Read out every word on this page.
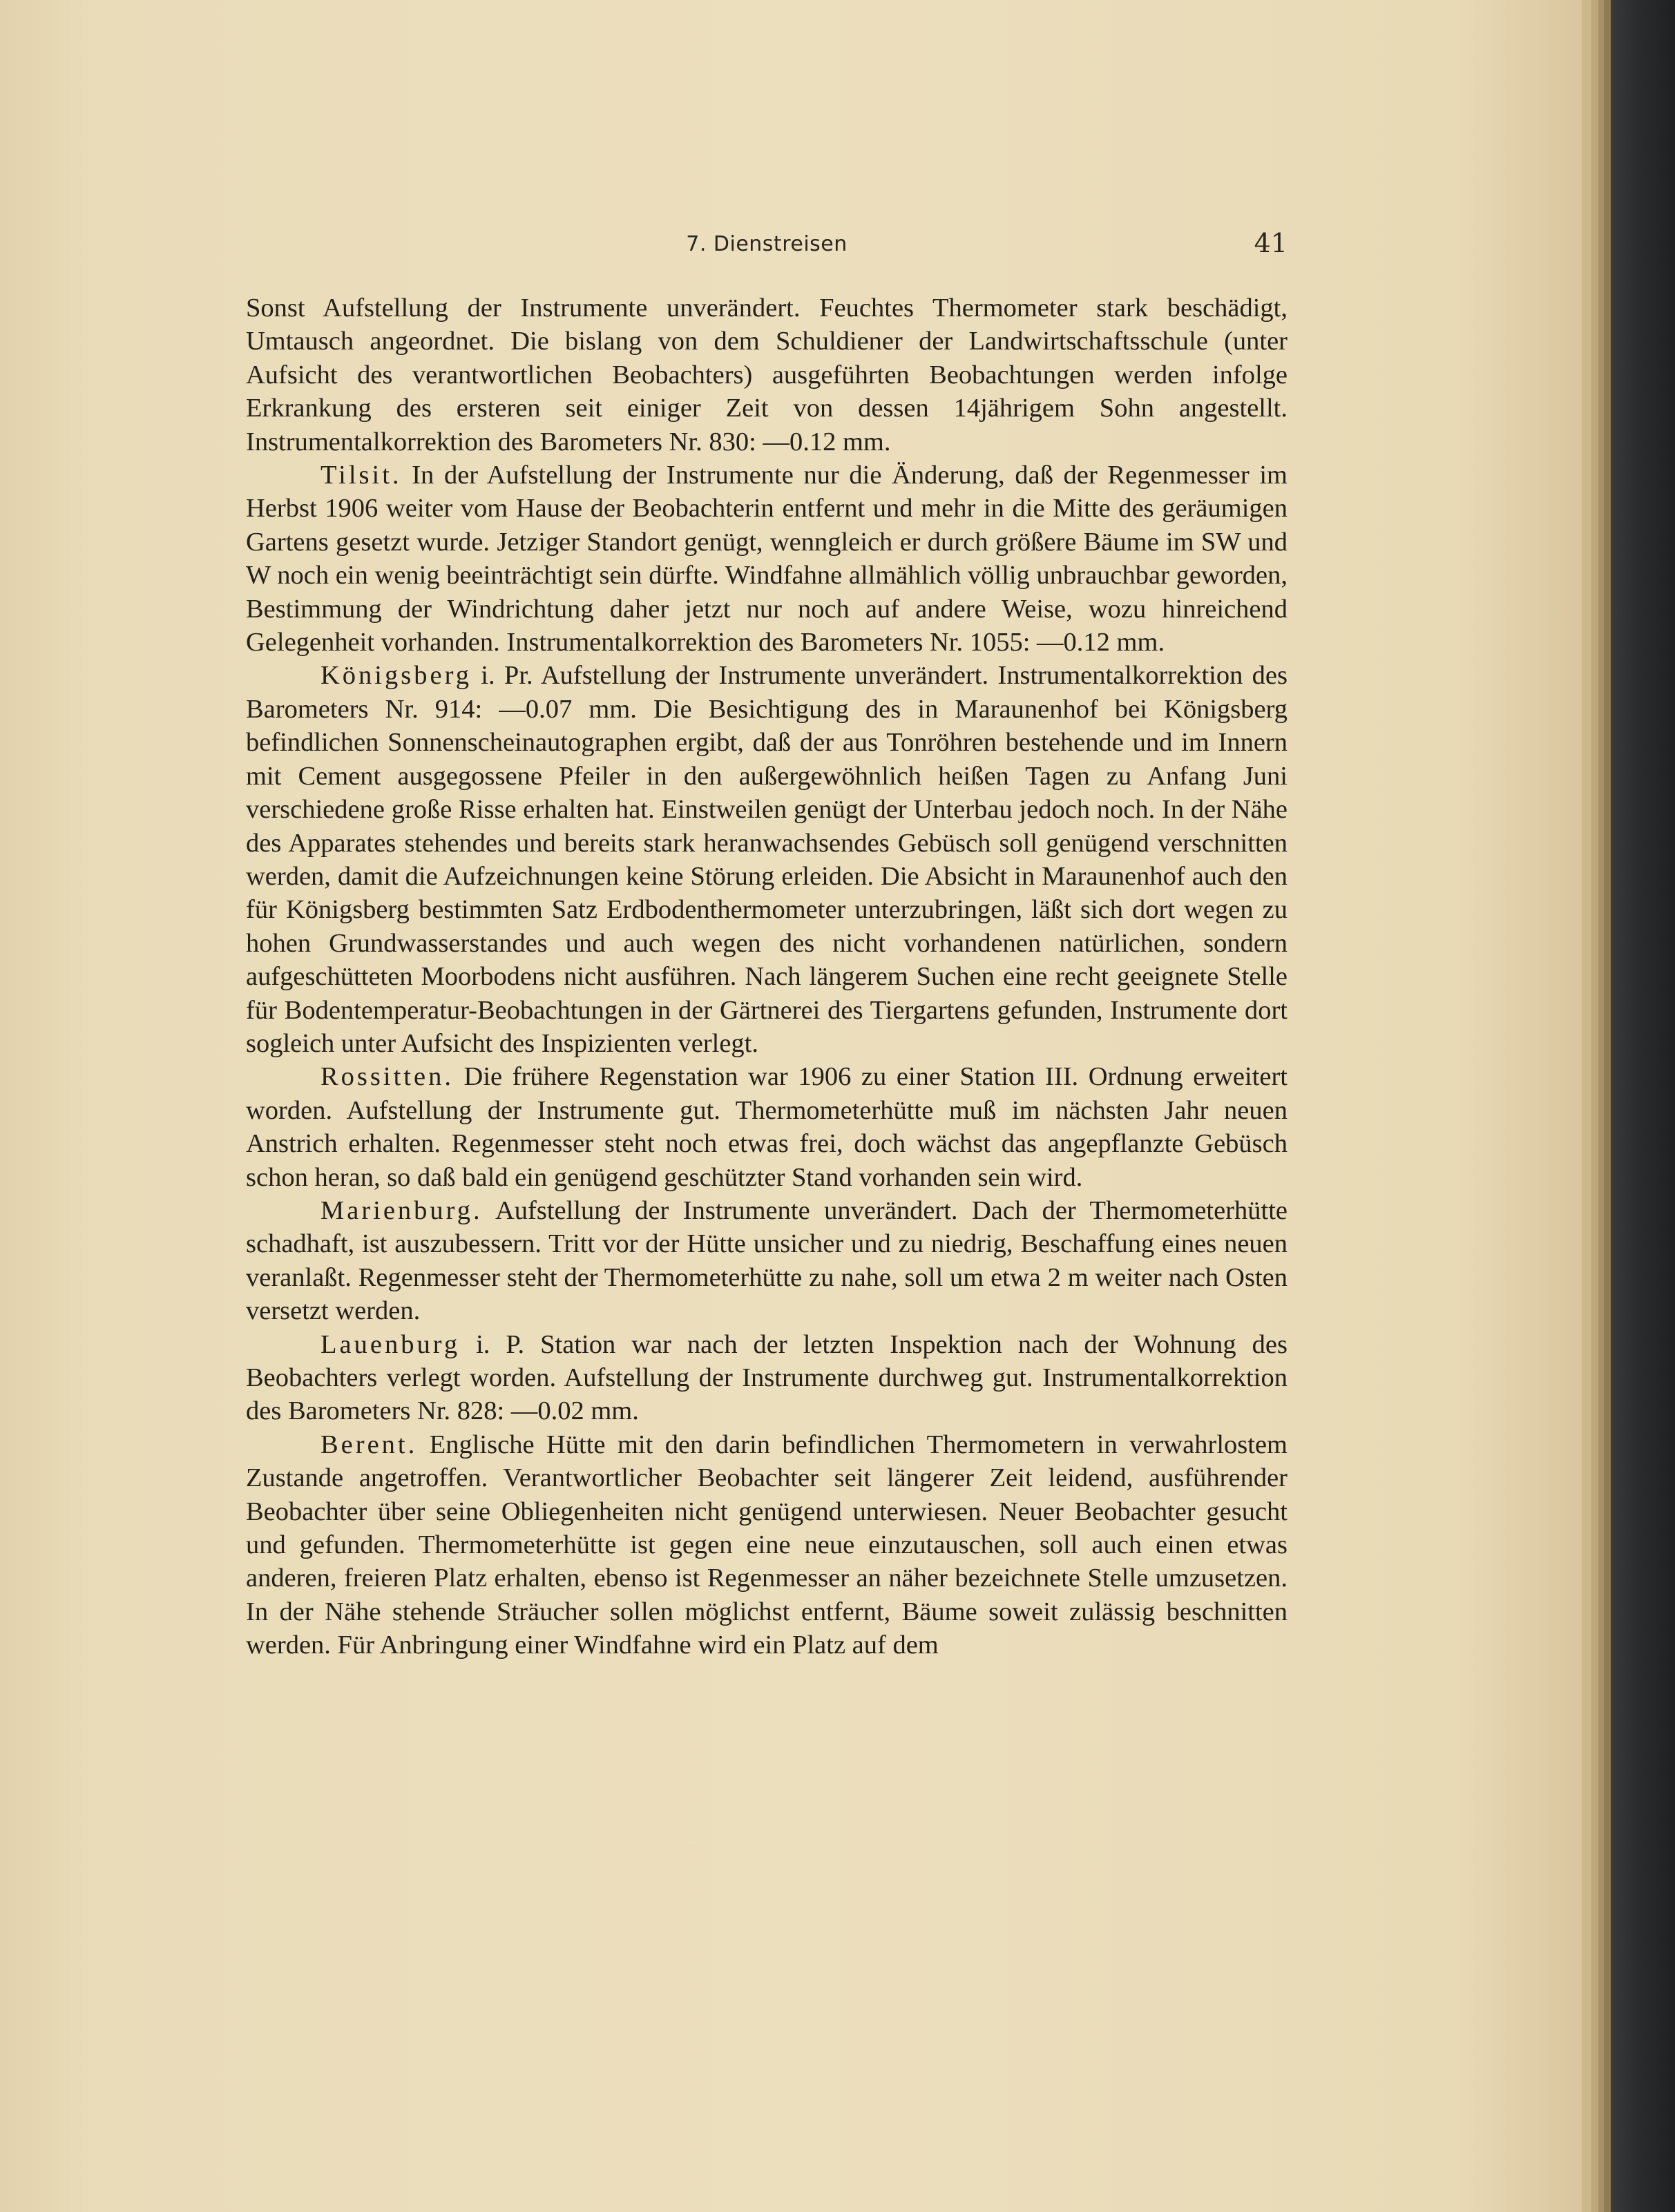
7. Dienstreisen	41

Sonst Aufstellung der Instrumente unverändert. Feuchtes Thermometer stark beschädigt, Umtausch angeordnet. Die bislang von dem Schuldiener der Landwirtschaftsschule (unter Aufsicht des verantwortlichen Beobachters) ausgeführten Beobachtungen werden infolge Erkrankung des ersteren seit einiger Zeit von dessen 14jährigem Sohn angestellt. Instrumentalkorrektion des Barometers Nr. 830: —0.12 mm.

Tilsit. In der Aufstellung der Instrumente nur die Änderung, daß der Regenmesser im Herbst 1906 weiter vom Hause der Beobachterin entfernt und mehr in die Mitte des geräumigen Gartens gesetzt wurde. Jetziger Standort genügt, wenngleich er durch größere Bäume im SW und W noch ein wenig beeinträchtigt sein dürfte. Windfahne allmählich völlig unbrauchbar geworden, Bestimmung der Windrichtung daher jetzt nur noch auf andere Weise, wozu hinreichend Gelegenheit vorhanden. Instrumentalkorrektion des Barometers Nr. 1055: —0.12 mm.

Königsberg i. Pr. Aufstellung der Instrumente unverändert. Instrumentalkorrektion des Barometers Nr. 914: —0.07 mm. Die Besichtigung des in Maraunenhof bei Königsberg befindlichen Sonnenscheinautographen ergibt, daß der aus Tonröhren bestehende und im Innern mit Cement ausgegossene Pfeiler in den außergewöhnlich heißen Tagen zu Anfang Juni verschiedene große Risse erhalten hat. Einstweilen genügt der Unterbau jedoch noch. In der Nähe des Apparates stehendes und bereits stark heranwachsendes Gebüsch soll genügend verschnitten werden, damit die Aufzeichnungen keine Störung erleiden. Die Absicht in Maraunenhof auch den für Königsberg bestimmten Satz Erdbodenthermometer unterzubringen, läßt sich dort wegen zu hohen Grundwasserstandes und auch wegen des nicht vorhandenen natürlichen, sondern aufgeschütteten Moorbodens nicht ausführen. Nach längerem Suchen eine recht geeignete Stelle für Bodentemperatur-Beobachtungen in der Gärtnerei des Tiergartens gefunden, Instrumente dort sogleich unter Aufsicht des Inspizienten verlegt.

Rossitten. Die frühere Regenstation war 1906 zu einer Station III. Ordnung erweitert worden. Aufstellung der Instrumente gut. Thermometerhütte muß im nächsten Jahr neuen Anstrich erhalten. Regenmesser steht noch etwas frei, doch wächst das angepflanzte Gebüsch schon heran, so daß bald ein genügend geschützter Stand vorhanden sein wird.

Marienburg. Aufstellung der Instrumente unverändert. Dach der Thermometerhütte schadhaft, ist auszubessern. Tritt vor der Hütte unsicher und zu niedrig, Beschaffung eines neuen veranlaßt. Regenmesser steht der Thermometerhütte zu nahe, soll um etwa 2 m weiter nach Osten versetzt werden.

Lauenburg i. P. Station war nach der letzten Inspektion nach der Wohnung des Beobachters verlegt worden. Aufstellung der Instrumente durchweg gut. Instrumentalkorrektion des Barometers Nr. 828: —0.02 mm.

Berent. Englische Hütte mit den darin befindlichen Thermometern in verwahrlostem Zustande angetroffen. Verantwortlicher Beobachter seit längerer Zeit leidend, ausführender Beobachter über seine Obliegenheiten nicht genügend unterwiesen. Neuer Beobachter gesucht und gefunden. Thermometerhütte ist gegen eine neue einzutauschen, soll auch einen etwas anderen, freieren Platz erhalten, ebenso ist Regenmesser an näher bezeichnete Stelle umzusetzen. In der Nähe stehende Sträucher sollen möglichst entfernt, Bäume soweit zulässig beschnitten werden. Für Anbringung einer Windfahne wird ein Platz auf dem
